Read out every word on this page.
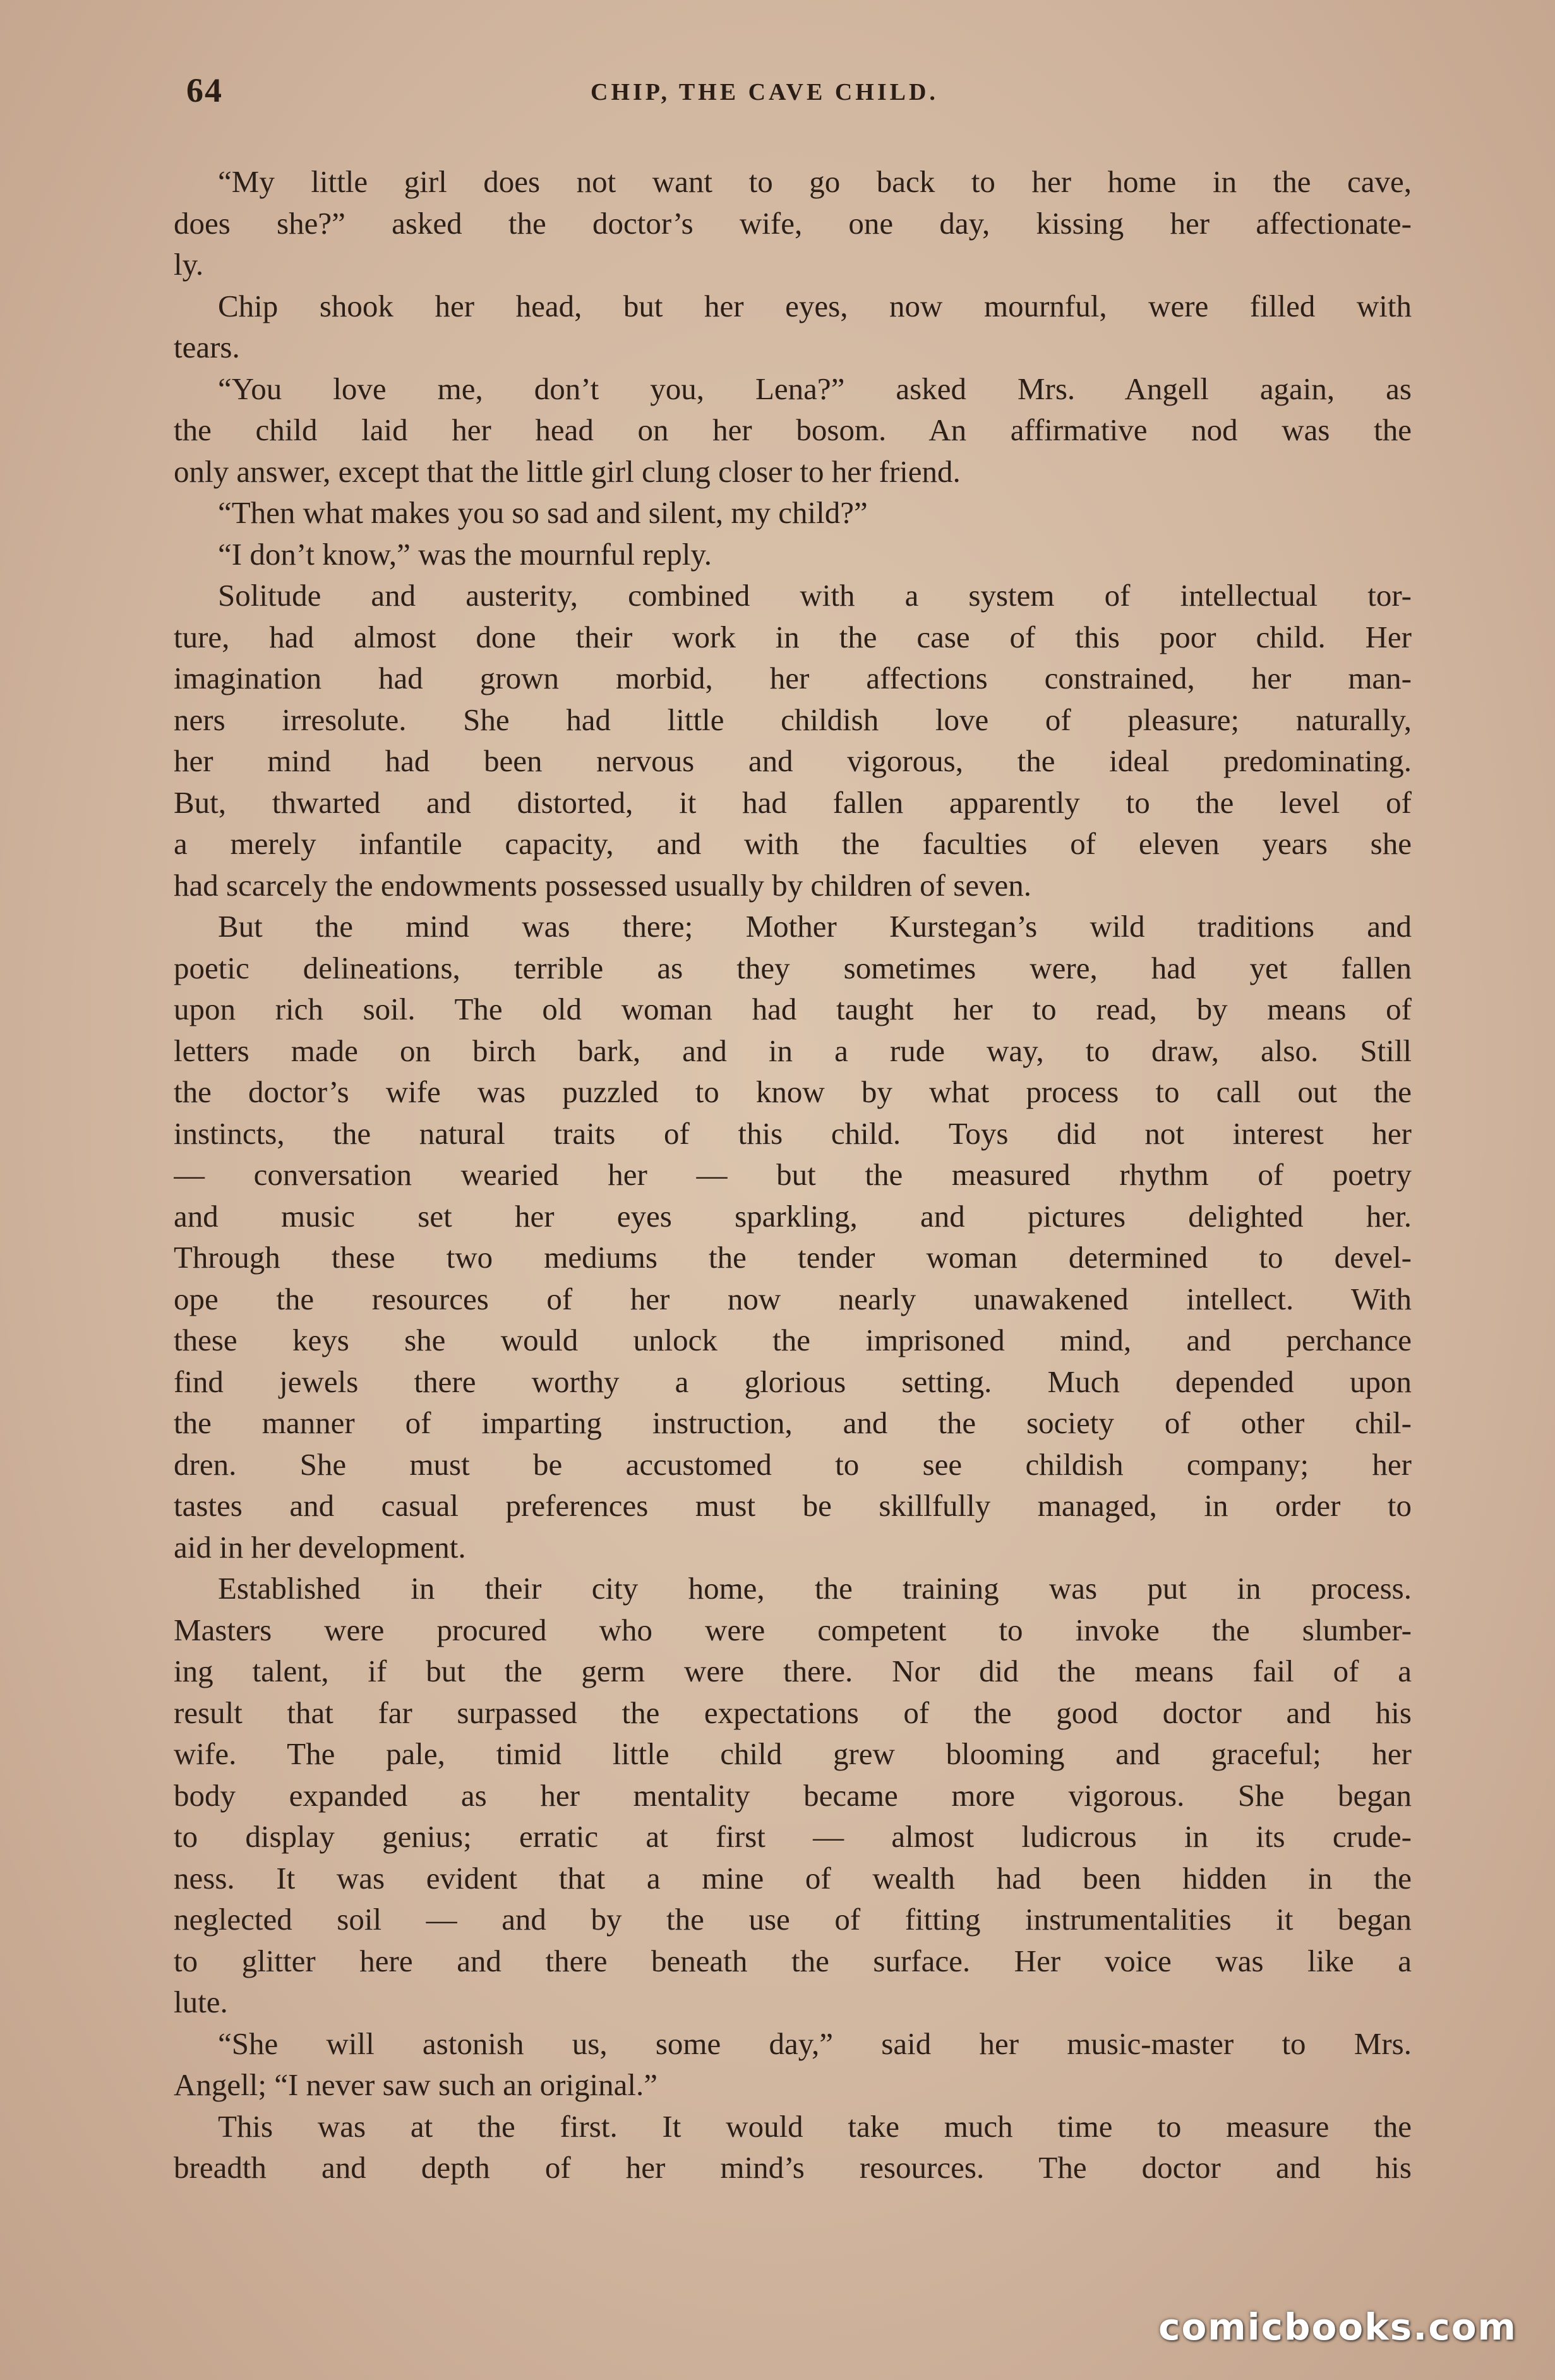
64	CHIP, THE CAVE CHILD.
“My little girl does not want to go back to her home in the cave,
does she?” asked the doctor’s wife, one day, kissing her affectionate-
ly.
Chip shook her head, but her eyes, now mournful, were filled with
tears.
“You love me, don’t you, Lena?” asked Mrs. Angell again, as
the child laid her head on her bosom. An affirmative nod was the
only answer, except that the little girl clung closer to her friend.
“Then what makes you so sad and silent, my child?”
“I don’t know,” was the mournful reply.
Solitude and austerity, combined with a system of intellectual tor-
ture, had almost done their work in the case of this poor child. Her
imagination had grown morbid, her affections constrained, her man-
ners irresolute. She had little childish love of pleasure; naturally,
her mind had been nervous and vigorous, the ideal predominating.
But, thwarted and distorted, it had fallen apparently to the level of
a merely infantile capacity, and with the faculties of eleven years she
had scarcely the endowments possessed usually by children of seven.
But the mind was there; Mother Kurstegan’s wild traditions and
poetic delineations, terrible as they sometimes were, had yet fallen
upon rich soil. The old woman had taught her to read, by means of
letters made on birch bark, and in a rude way, to draw, also. Still
the doctor’s wife was puzzled to know by what process to call out the
instincts, the natural traits of this child. Toys did not interest her
— conversation wearied her — but the measured rhythm of poetry
and music set her eyes sparkling, and pictures delighted her.
Through these two mediums the tender woman determined to devel-
ope the resources of her now nearly unawakened intellect. With
these keys she would unlock the imprisoned mind, and perchance
find jewels there worthy a glorious setting. Much depended upon
the manner of imparting instruction, and the society of other chil-
dren. She must be accustomed to see childish company; her
tastes and casual preferences must be skillfully managed, in order to
aid in her development.
Established in their city home, the training was put in process.
Masters were procured who were competent to invoke the slumber-
ing talent, if but the germ were there. Nor did the means fail of a
result that far surpassed the expectations of the good doctor and his
wife. The pale, timid little child grew blooming and graceful; her
body expanded as her mentality became more vigorous. She began
to display genius; erratic at first — almost ludicrous in its crude-
ness. It was evident that a mine of wealth had been hidden in the
neglected soil — and by the use of fitting instrumentalities it began
to glitter here and there beneath the surface. Her voice was like a
lute.
“She will astonish us, some day,” said her music-master to Mrs.
Angell; “I never saw such an original.”
This was at the first. It would take much time to measure the
breadth and depth of her mind’s resources. The doctor and his
comicbooks.com
